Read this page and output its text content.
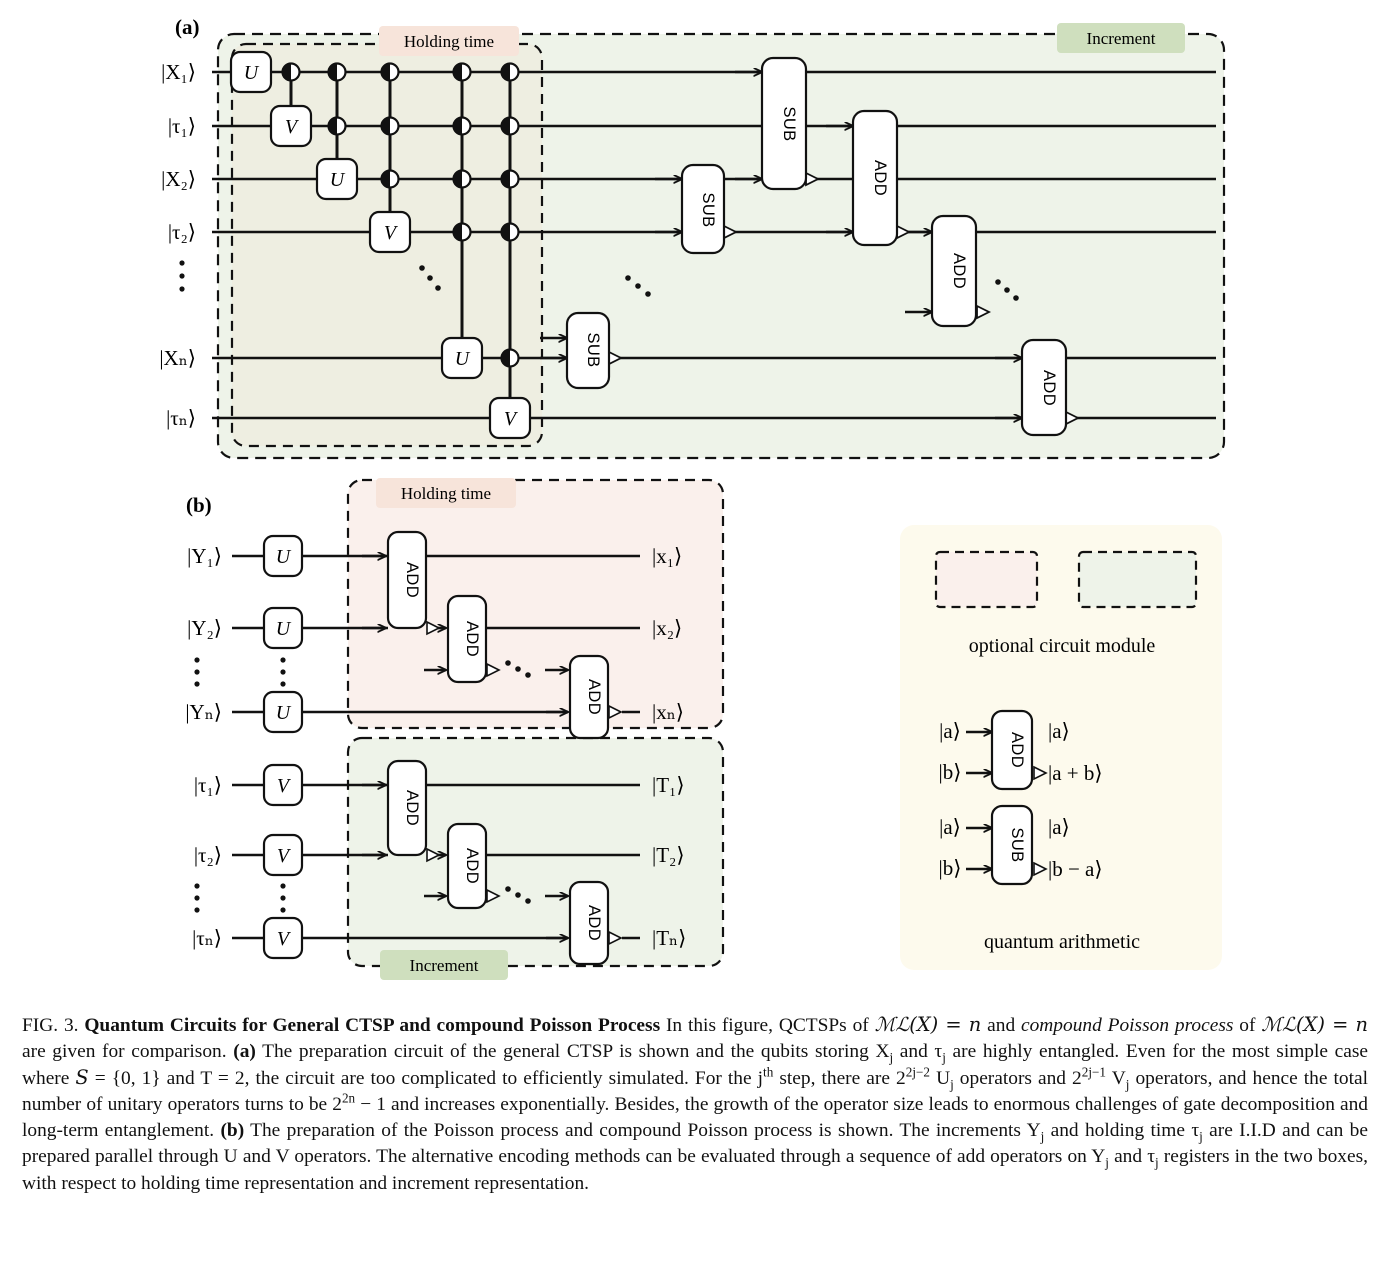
|X₁⟩
|τ₁⟩
|X₂⟩
|τ₂⟩
|Xₙ⟩
|τₙ⟩
U
V
U
V
U
V
SUB
SUB
SUB
ADD
ADD
ADD
Holding time	Increment
(a)
|Y₁⟩
|Y₂⟩
|Yₙ⟩
|x₁⟩
|x₂⟩
|xₙ⟩
U
U
U
ADD
ADD
ADD
Holding time
|τ₁⟩
|τ₂⟩
|τₙ⟩
|T₁⟩
|T₂⟩
|Tₙ⟩
V
V
V
ADD
ADD
ADD
Increment
(b)
optional circuit module
|a⟩
|b⟩
ADD
|a⟩
|a + b⟩
|a⟩
|b⟩
SUB
|a⟩
|b − a⟩
quantum arithmetic
FIG. 3. Quantum Circuits for General CTSP and compound Poisson Process In this figure, QCTSPs of ℳℒ(X) = n and compound Poisson process of ℳℒ(X) = n are given for comparison. (a) The preparation circuit of the general CTSP is shown and the qubits storing $X_j$ and $\tau_j$ are highly entangled. Even for the most simple case where 𝑆 = {0, 1} and T = 2, the circuit are too complicated to efficiently simulated. For the $j^{th}$ step, there are $2^{2j-2}$ $U_j$ operators and $2^{2j-1}$ $V_j$ operators, and hence the total number of unitary operators turns to be $2^{2n} - 1$ and increases exponentially. Besides, the growth of the operator size leads to enormous challenges of gate decomposition and long-term entanglement. (b) The preparation of the Poisson process and compound Poisson process is shown. The increments $Y_j$ and holding time $\tau_j$ are I.I.D and can be prepared parallel through U and V operators. The alternative encoding methods can be evaluated through a sequence of add operators on $Y_j$ and $\tau_j$ registers in the two boxes, with respect to holding time representation and increment representation.
